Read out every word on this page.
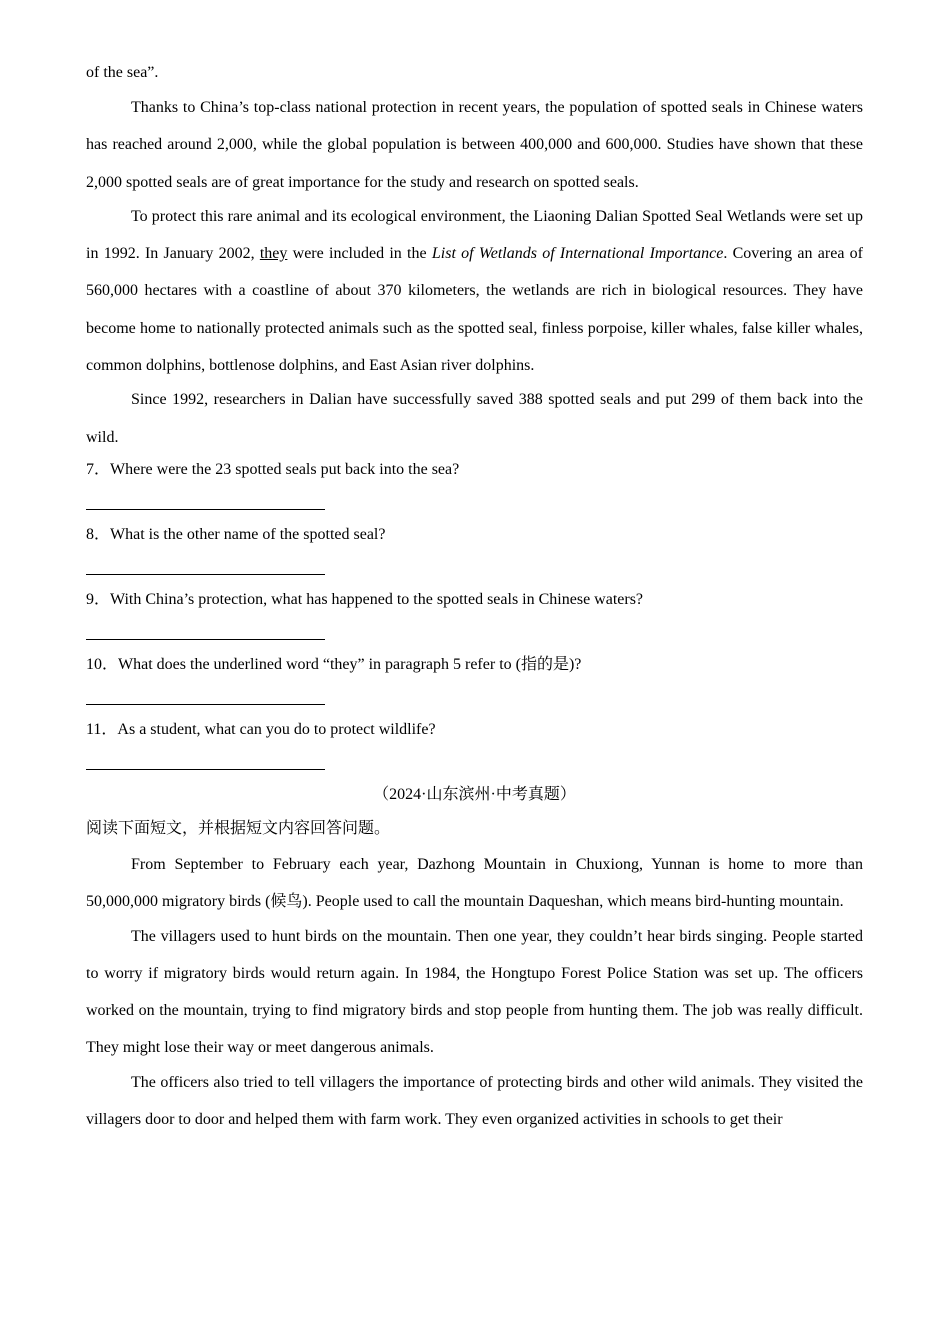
of the sea”.

Thanks to China’s top-class national protection in recent years, the population of spotted seals in Chinese waters has reached around 2,000, while the global population is between 400,000 and 600,000. Studies have shown that these 2,000 spotted seals are of great importance for the study and research on spotted seals.

To protect this rare animal and its ecological environment, the Liaoning Dalian Spotted Seal Wetlands were set up in 1992. In January 2002, they were included in the List of Wetlands of International Importance. Covering an area of 560,000 hectares with a coastline of about 370 kilometers, the wetlands are rich in biological resources. They have become home to nationally protected animals such as the spotted seal, finless porpoise, killer whales, false killer whales, common dolphins, bottlenose dolphins, and East Asian river dolphins.

Since 1992, researchers in Dalian have successfully saved 388 spotted seals and put 299 of them back into the wild.

7．Where were the 23 spotted seals put back into the sea?

8．What is the other name of the spotted seal?

9．With China’s protection, what has happened to the spotted seals in Chinese waters?

10．What does the underlined word “they” in paragraph 5 refer to (指的是)?

11．As a student, what can you do to protect wildlife?

（2024·山东滨州·中考真题）

阅读下面短文，并根据短文内容回答问题。

From September to February each year, Dazhong Mountain in Chuxiong, Yunnan is home to more than 50,000,000 migratory birds (候鸟). People used to call the mountain Daqueshan, which means bird-hunting mountain.

The villagers used to hunt birds on the mountain. Then one year, they couldn’t hear birds singing. People started to worry if migratory birds would return again. In 1984, the Hongtupo Forest Police Station was set up. The officers worked on the mountain, trying to find migratory birds and stop people from hunting them. The job was really difficult. They might lose their way or meet dangerous animals.

The officers also tried to tell villagers the importance of protecting birds and other wild animals. They visited the villagers door to door and helped them with farm work. They even organized activities in schools to get their
